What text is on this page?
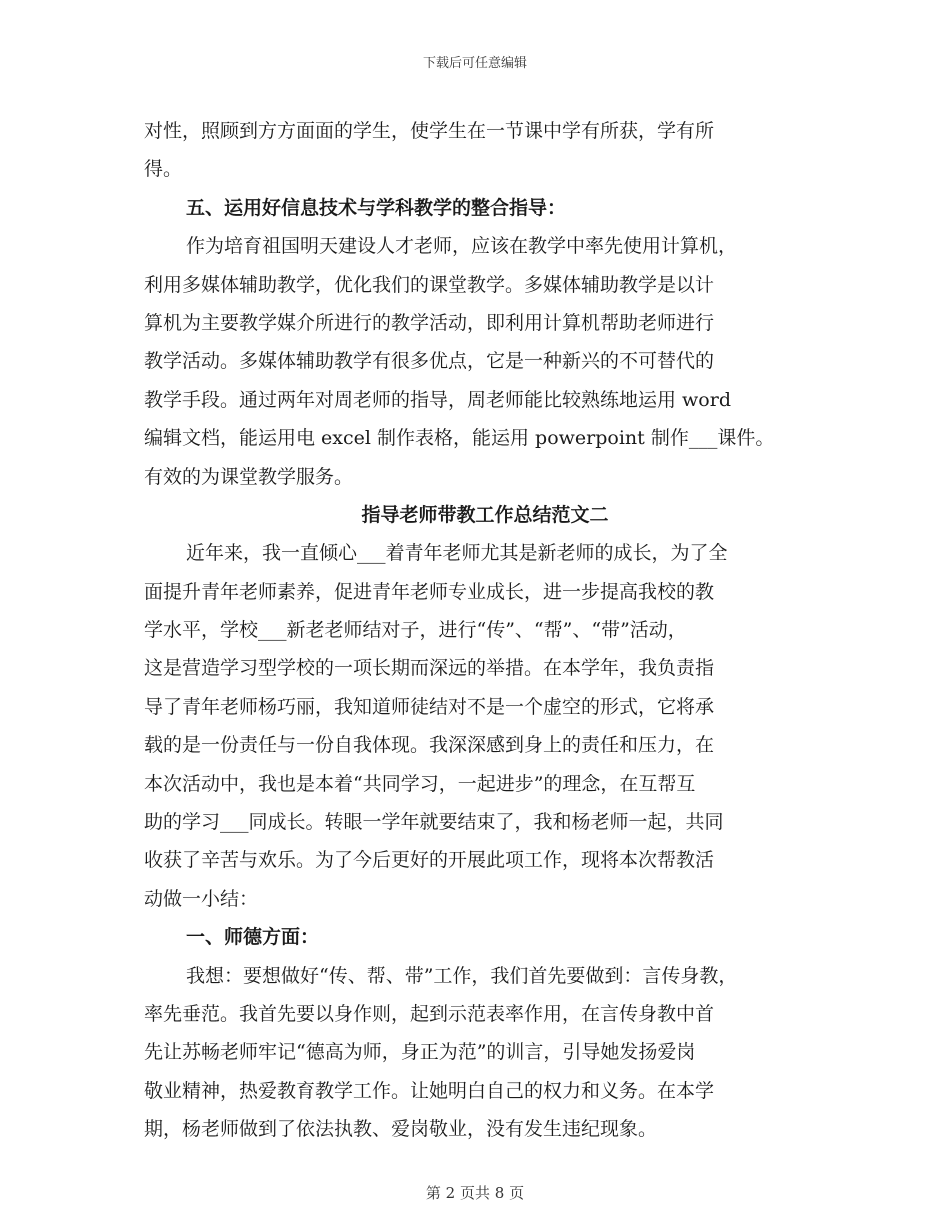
下载后可任意编辑
对性，照顾到方方面面的学生，使学生在一节课中学有所获，学有所
得。
五、运用好信息技术与学科教学的整合指导：
作为培育祖国明天建设人才老师，应该在教学中率先使用计算机，
利用多媒体辅助教学，优化我们的课堂教学。多媒体辅助教学是以计
算机为主要教学媒介所进行的教学活动，即利用计算机帮助老师进行
教学活动。多媒体辅助教学有很多优点，它是一种新兴的不可替代的
教学手段。通过两年对周老师的指导，周老师能比较熟练地运用 word
编辑文档，能运用电 excel 制作表格，能运用 powerpoint 制作___课件。
有效的为课堂教学服务。
指导老师带教工作总结范文二
近年来，我一直倾心___着青年老师尤其是新老师的成长，为了全
面提升青年老师素养，促进青年老师专业成长，进一步提高我校的教
学水平，学校___新老老师结对子，进行“传”、“帮”、“带”活动，
这是营造学习型学校的一项长期而深远的举措。在本学年，我负责指
导了青年老师杨巧丽，我知道师徒结对不是一个虚空的形式，它将承
载的是一份责任与一份自我体现。我深深感到身上的责任和压力，在
本次活动中，我也是本着“共同学习，一起进步”的理念，在互帮互
助的学习___同成长。转眼一学年就要结束了，我和杨老师一起，共同
收获了辛苦与欢乐。为了今后更好的开展此项工作，现将本次帮教活
动做一小结：
一、师德方面：
我想：要想做好“传、帮、带”工作，我们首先要做到：言传身教，
率先垂范。我首先要以身作则，起到示范表率作用，在言传身教中首
先让苏畅老师牢记“德高为师，身正为范”的训言，引导她发扬爱岗
敬业精神，热爱教育教学工作。让她明白自己的权力和义务。在本学
期，杨老师做到了依法执教、爱岗敬业，没有发生违纪现象。
第 2 页共 8 页
